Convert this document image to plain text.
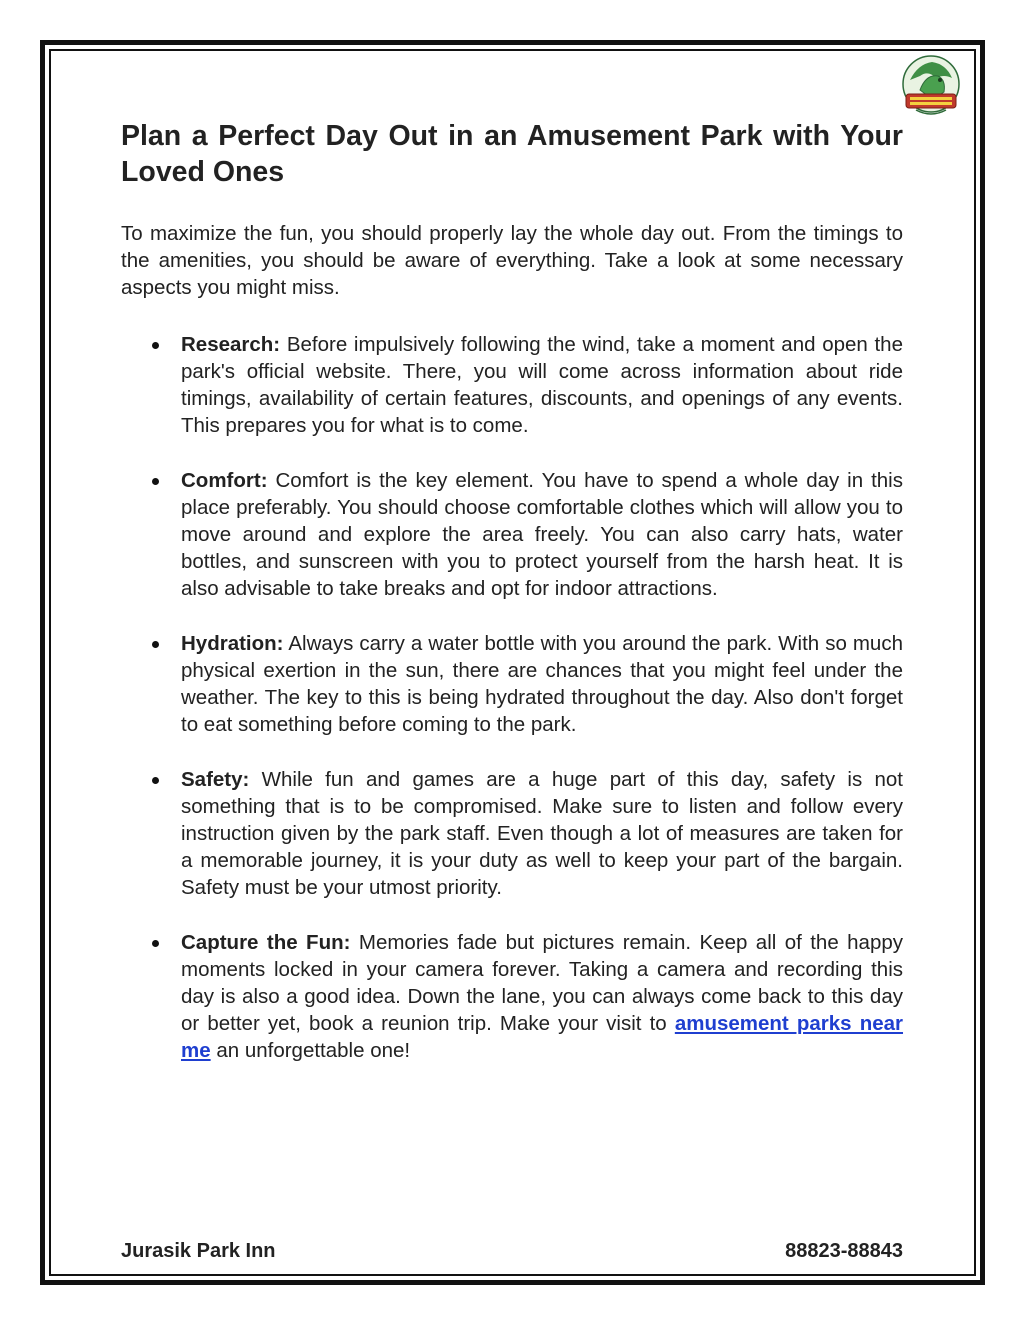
Plan a Perfect Day Out in an Amusement Park with Your Loved Ones

To maximize the fun, you should properly lay the whole day out. From the timings to the amenities, you should be aware of everything. Take a look at some necessary aspects you might miss.

Research: Before impulsively following the wind, take a moment and open the park's official website. There, you will come across information about ride timings, availability of certain features, discounts, and openings of any events. This prepares you for what is to come.
Comfort: Comfort is the key element. You have to spend a whole day in this place preferably. You should choose comfortable clothes which will allow you to move around and explore the area freely. You can also carry hats, water bottles, and sunscreen with you to protect yourself from the harsh heat. It is also advisable to take breaks and opt for indoor attractions.
Hydration: Always carry a water bottle with you around the park. With so much physical exertion in the sun, there are chances that you might feel under the weather. The key to this is being hydrated throughout the day. Also don't forget to eat something before coming to the park.
Safety: While fun and games are a huge part of this day, safety is not something that is to be compromised. Make sure to listen and follow every instruction given by the park staff. Even though a lot of measures are taken for a memorable journey, it is your duty as well to keep your part of the bargain. Safety must be your utmost priority.
Capture the Fun: Memories fade but pictures remain. Keep all of the happy moments locked in your camera forever. Taking a camera and recording this day is also a good idea. Down the lane, you can always come back to this day or better yet, book a reunion trip. Make your visit to amusement parks near me an unforgettable one!
Jurasik Park Inn	88823-88843
